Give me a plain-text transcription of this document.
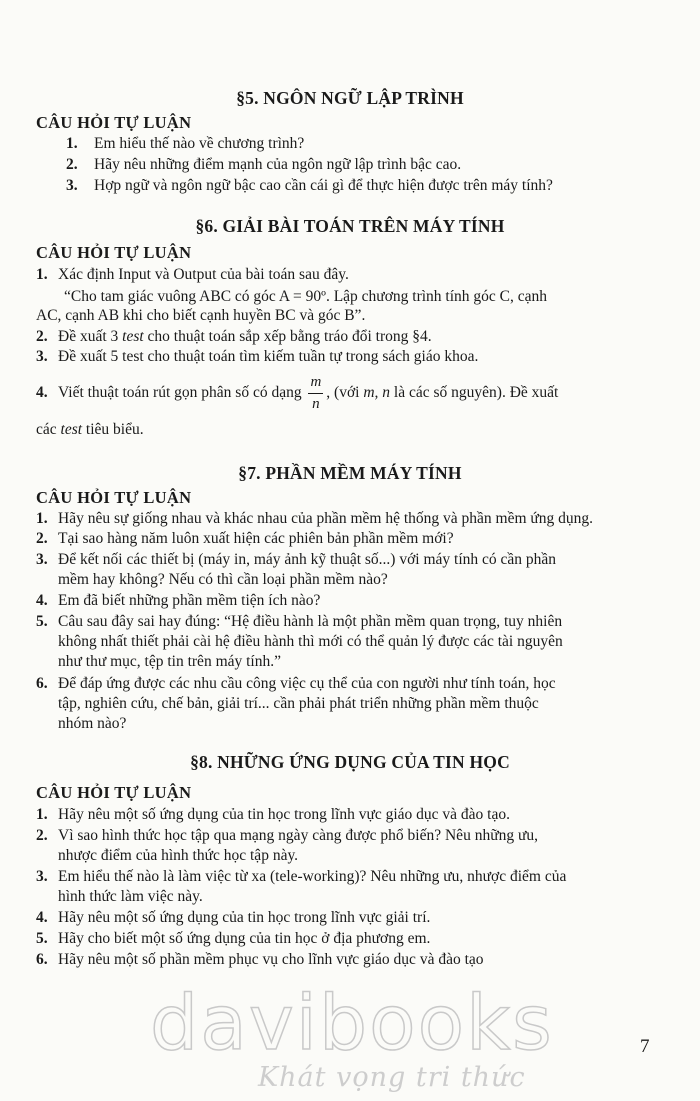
§5. NGÔN NGỮ LẬP TRÌNH
CÂU HỎI TỰ LUẬN
1. Em hiểu thế nào về chương trình?
2. Hãy nêu những điểm mạnh của ngôn ngữ lập trình bậc cao.
3. Hợp ngữ và ngôn ngữ bậc cao cần cái gì để thực hiện được trên máy tính?
§6. GIẢI BÀI TOÁN TRÊN MÁY TÍNH
CÂU HỎI TỰ LUẬN
1. Xác định Input và Output của bài toán sau đây.
“Cho tam giác vuông ABC có góc A = 90º. Lập chương trình tính góc C, cạnh
AC, cạnh AB khi cho biết cạnh huyền BC và góc B”.
2. Đề xuất 3 test cho thuật toán sắp xếp bằng tráo đổi trong §4.
3. Đề xuất 5 test cho thuật toán tìm kiếm tuần tự trong sách giáo khoa.
4. Viết thuật toán rút gọn phân số có dạng $\frac{m}{n}$ , (với m, n là các số nguyên). Đề xuất
các test tiêu biểu.
§7. PHẦN MỀM MÁY TÍNH
CÂU HỎI TỰ LUẬN
1. Hãy nêu sự giống nhau và khác nhau của phần mềm hệ thống và phần mềm ứng dụng.
2. Tại sao hàng năm luôn xuất hiện các phiên bản phần mềm mới?
3. Để kết nối các thiết bị (máy in, máy ảnh kỹ thuật số...) với máy tính có cần phần
mềm hay không? Nếu có thì cần loại phần mềm nào?
4. Em đã biết những phần mềm tiện ích nào?
5. Câu sau đây sai hay đúng: “Hệ điều hành là một phần mềm quan trọng, tuy nhiên
không nhất thiết phải cài hệ điều hành thì mới có thể quản lý được các tài nguyên
như thư mục, tệp tin trên máy tính.”
6. Để đáp ứng được các nhu cầu công việc cụ thể của con người như tính toán, học
tập, nghiên cứu, chế bản, giải trí... cần phải phát triển những phần mềm thuộc
nhóm nào?
§8. NHỮNG ỨNG DỤNG CỦA TIN HỌC
CÂU HỎI TỰ LUẬN
1. Hãy nêu một số ứng dụng của tin học trong lĩnh vực giáo dục và đào tạo.
2. Vì sao hình thức học tập qua mạng ngày càng được phổ biến? Nêu những ưu,
nhược điểm của hình thức học tập này.
3. Em hiểu thế nào là làm việc từ xa (tele-working)? Nêu những ưu, nhược điểm của
hình thức làm việc này.
4. Hãy nêu một số ứng dụng của tin học trong lĩnh vực giải trí.
5. Hãy cho biết một số ứng dụng của tin học ở địa phương em.
6. Hãy nêu một số phần mềm phục vụ cho lĩnh vực giáo dục và đào tạo
davibooks
Khát vọng tri thức
7
